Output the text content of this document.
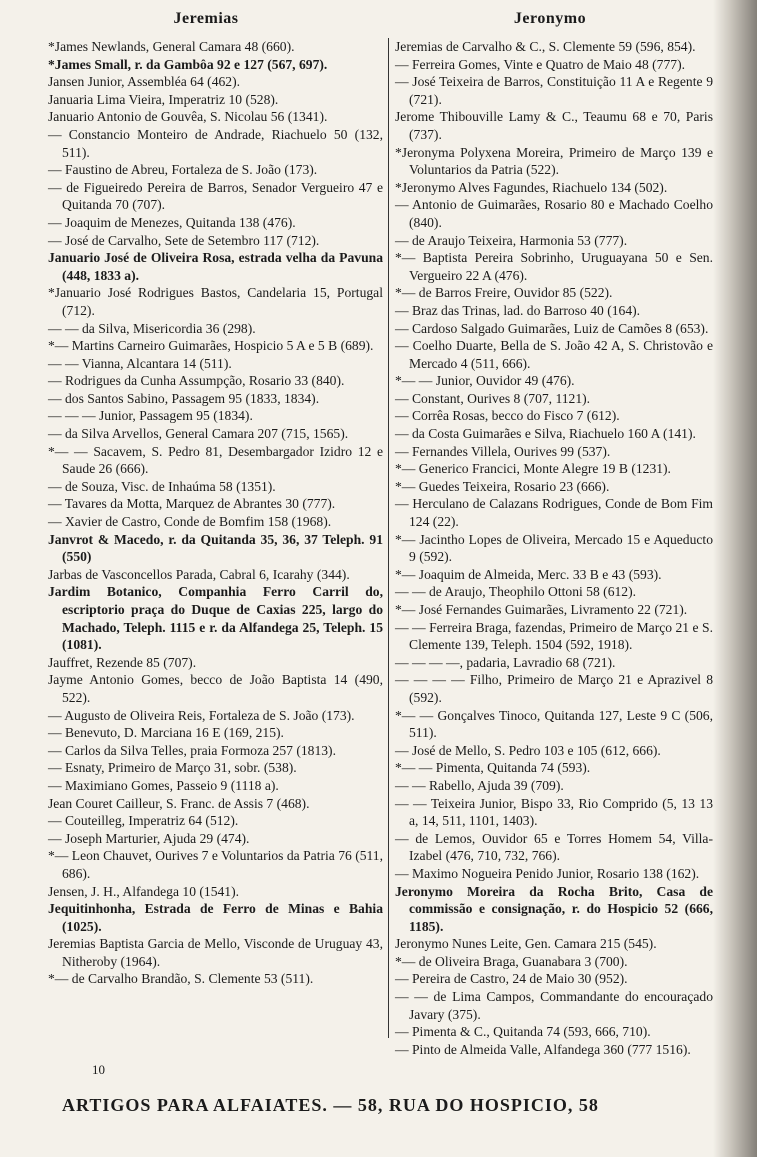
Jeremias	Jeronymo
*James Newlands, General Camara 48 (660).
*James Small, r. da Gambôa 92 e 127 (567, 697).
Jansen Junior, Assembléa 64 (462).
Januaria Lima Vieira, Imperatriz 10 (528).
Januario Antonio de Gouvêa, S. Nicolau 56 (1341).
— Constancio Monteiro de Andrade, Riachuelo 50 (132, 511).
— Faustino de Abreu, Fortaleza de S. João (173).
— de Figueiredo Pereira de Barros, Senador Vergueiro 47 e Quitanda 70 (707).
— Joaquim de Menezes, Quitanda 138 (476).
— José de Carvalho, Sete de Setembro 117 (712).
Januario José de Oliveira Rosa, estrada velha da Pavuna (448, 1833 a).
*Januario José Rodrigues Bastos, Candelaria 15, Portugal (712).
— — da Silva, Misericordia 36 (298).
*— Martins Carneiro Guimarães, Hospicio 5 A e 5 B (689).
— — Vianna, Alcantara 14 (511).
— Rodrigues da Cunha Assumpção, Rosario 33 (840).
— dos Santos Sabino, Passagem 95 (1833, 1834).
— — — Junior, Passagem 95 (1834).
— da Silva Arvellos, General Camara 207 (715, 1565).
*— — Sacavem, S. Pedro 81, Desembargador Izidro 12 e Saude 26 (666).
— de Souza, Visc. de Inhaúma 58 (1351).
— Tavares da Motta, Marquez de Abrantes 30 (777).
— Xavier de Castro, Conde de Bomfim 158 (1968).
Janvrot & Macedo, r. da Quitanda 35, 36, 37 Teleph. 91 (550)
Jarbas de Vasconcellos Parada, Cabral 6, Icarahy (344).
Jardim Botanico, Companhia Ferro Carril do, escriptorio praça do Duque de Caxias 225, largo do Machado, Teleph. 1115 e r. da Alfandega 25, Teleph. 15 (1081).
Jauffret, Rezende 85 (707).
Jayme Antonio Gomes, becco de João Baptista 14 (490, 522).
— Augusto de Oliveira Reis, Fortaleza de S. João (173).
— Benevuto, D. Marciana 16 E (169, 215).
— Carlos da Silva Telles, praia Formoza 257 (1813).
— Esnaty, Primeiro de Março 31, sobr. (538).
— Maximiano Gomes, Passeio 9 (1118 a).
Jean Couret Cailleur, S. Franc. de Assis 7 (468).
— Couteilleg, Imperatriz 64 (512).
— Joseph Marturier, Ajuda 29 (474).
*— Leon Chauvet, Ourives 7 e Voluntarios da Patria 76 (511, 686).
Jensen, J. H., Alfandega 10 (1541).
Jequitinhonha, Estrada de Ferro de Minas e Bahia (1025).
Jeremias Baptista Garcia de Mello, Visconde de Uruguay 43, Nitheroby (1964).
*— de Carvalho Brandão, S. Clemente 53 (511).
Jeremias de Carvalho & C., S. Clemente 59 (596, 854).
— Ferreira Gomes, Vinte e Quatro de Maio 48 (777).
— José Teixeira de Barros, Constituição 11 A e Regente 9 (721).
Jerome Thibouville Lamy & C., Teaumu 68 e 70, Paris (737).
*Jeronyma Polyxena Moreira, Primeiro de Março 139 e Voluntarios da Patria (522).
*Jeronymo Alves Fagundes, Riachuelo 134 (502).
— Antonio de Guimarães, Rosario 80 e Machado Coelho (840).
— de Araujo Teixeira, Harmonia 53 (777).
*— Baptista Pereira Sobrinho, Uruguayana 50 e Sen. Vergueiro 22 A (476).
*— de Barros Freire, Ouvidor 85 (522).
— Braz das Trinas, lad. do Barroso 40 (164).
— Cardoso Salgado Guimarães, Luiz de Camões 8 (653).
— Coelho Duarte, Bella de S. João 42 A, S. Christovão e Mercado 4 (511, 666).
*— — Junior, Ouvidor 49 (476).
— Constant, Ourives 8 (707, 1121).
— Corrêa Rosas, becco do Fisco 7 (612).
— da Costa Guimarães e Silva, Riachuelo 160 A (141).
— Fernandes Villela, Ourives 99 (537).
*— Generico Francici, Monte Alegre 19 B (1231).
*— Guedes Teixeira, Rosario 23 (666).
— Herculano de Calazans Rodrigues, Conde de Bom Fim 124 (22).
*— Jacintho Lopes de Oliveira, Mercado 15 e Aqueducto 9 (592).
*— Joaquim de Almeida, Merc. 33 B e 43 (593).
— — de Araujo, Theophilo Ottoni 58 (612).
*— José Fernandes Guimarães, Livramento 22 (721).
— — Ferreira Braga, fazendas, Primeiro de Março 21 e S. Clemente 139, Teleph. 1504 (592, 1918).
— — — —, padaria, Lavradio 68 (721).
— — — — Filho, Primeiro de Março 21 e Aprazivel 8 (592).
*— — Gonçalves Tinoco, Quitanda 127, Leste 9 C (506, 511).
— José de Mello, S. Pedro 103 e 105 (612, 666).
*— — Pimenta, Quitanda 74 (593).
— — Rabello, Ajuda 39 (709).
— — Teixeira Junior, Bispo 33, Rio Comprido (5, 13 13 a, 14, 511, 1101, 1403).
— de Lemos, Ouvidor 65 e Torres Homem 54, Villa-Izabel (476, 710, 732, 766).
— Maximo Nogueira Penido Junior, Rosario 138 (162).
Jeronymo Moreira da Rocha Brito, Casa de commissão e consignação, r. do Hospicio 52 (666, 1185).
Jeronymo Nunes Leite, Gen. Camara 215 (545).
*— de Oliveira Braga, Guanabara 3 (700).
— Pereira de Castro, 24 de Maio 30 (952).
— — de Lima Campos, Commandante do encouraçado Javary (375).
— Pimenta & C., Quitanda 74 (593, 666, 710).
— Pinto de Almeida Valle, Alfandega 360 (777 1516).
10
ARTIGOS PARA ALFAIATES. — 58, RUA DO HOSPICIO, 58
